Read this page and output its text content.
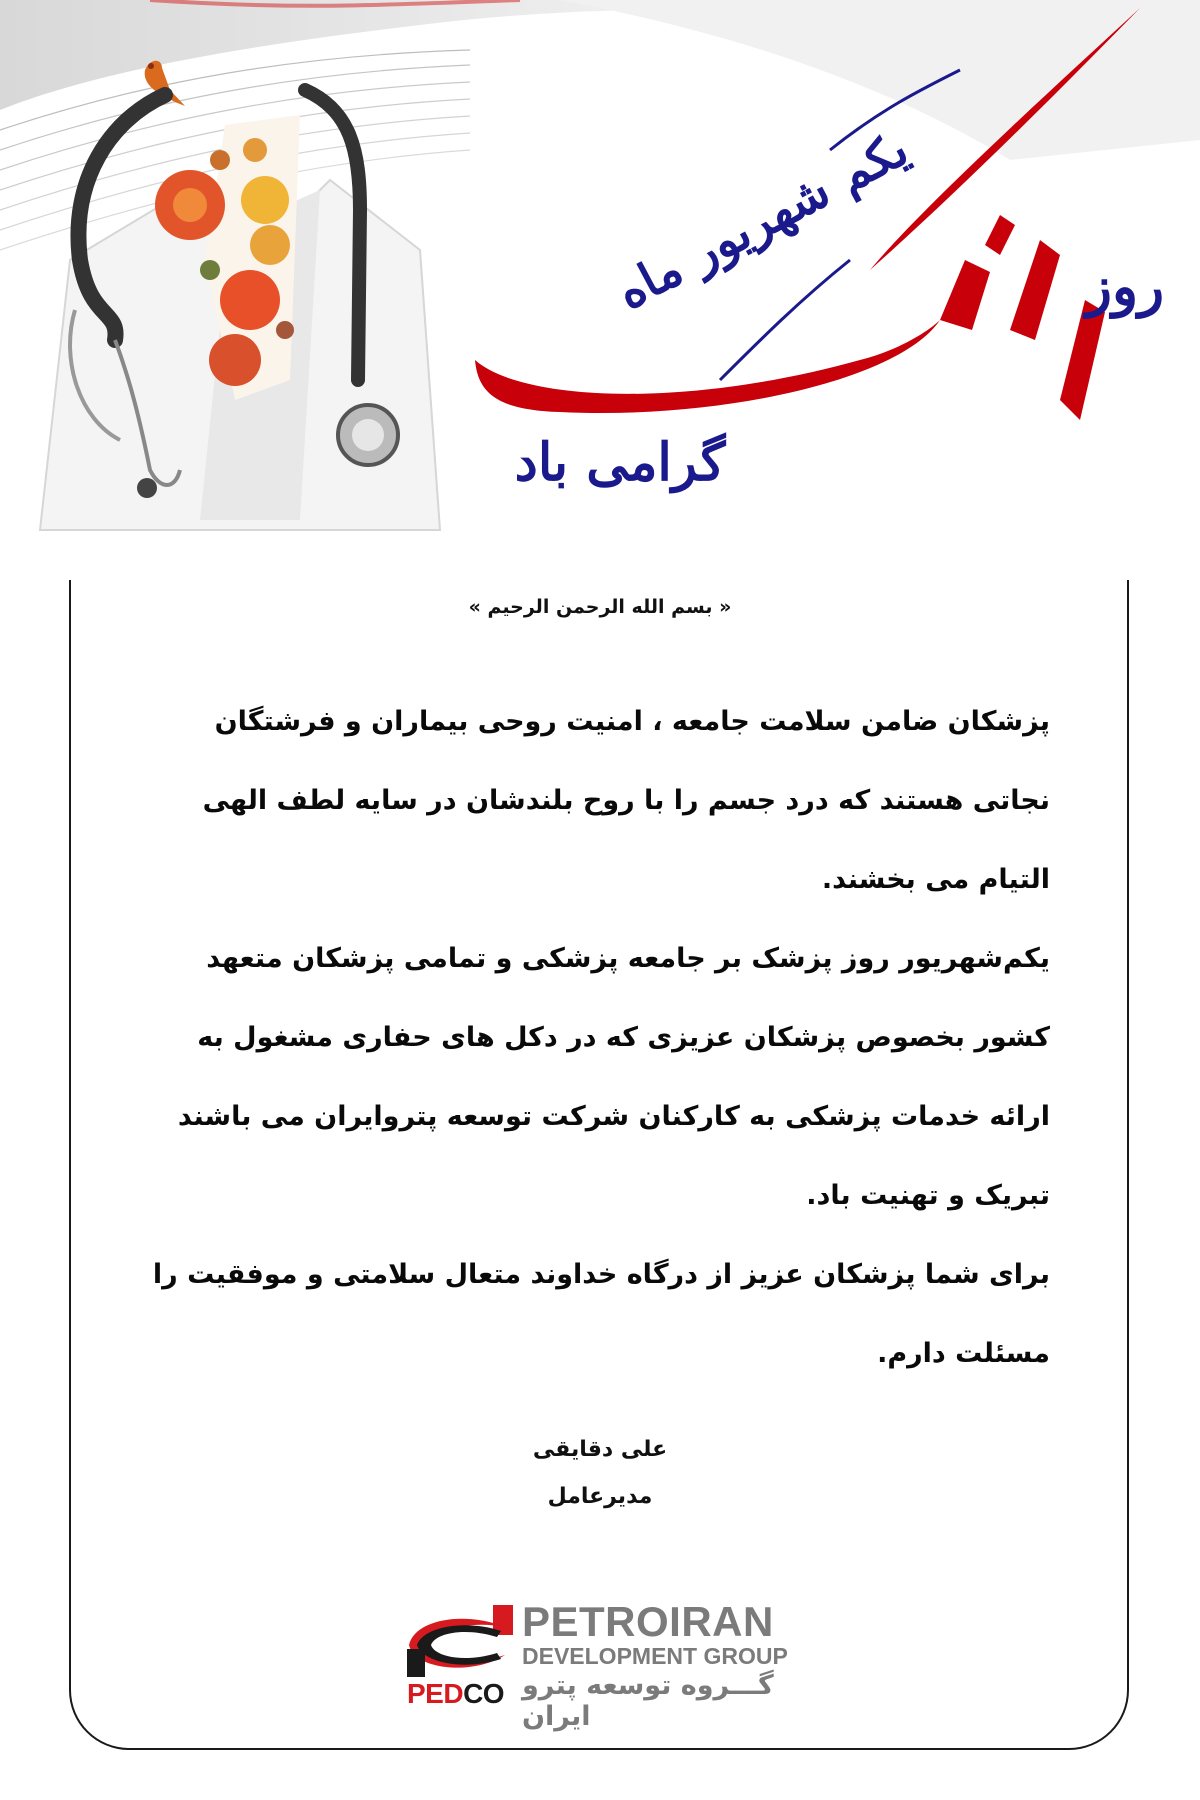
روز
یکم شهریور ماه
گرامی باد
« بسم الله الرحمن الرحیم »
پزشکان ضامن سلامت جامعه ، امنیت روحی بیماران و فرشتگان
نجاتی هستند که درد جسم را با روح بلندشان در سایه لطف الهی
التیام می بخشند.
یکم‌شهریور روز پزشک بر جامعه پزشکی و تمامی پزشکان متعهد
کشور بخصوص پزشکان عزیزی که در دکل های حفاری مشغول به
ارائه خدمات پزشکی به کارکنان شرکت توسعه پتروایران می باشند
تبریک و تهنیت باد.
برای شما پزشکان عزیز از درگاه خداوند متعال سلامتی و موفقیت را
مسئلت دارم.
علی دقایقی
مدیرعامل
PEDCO
PETROIRAN
DEVELOPMENT GROUP
گـــروه توسعه پترو ایران
